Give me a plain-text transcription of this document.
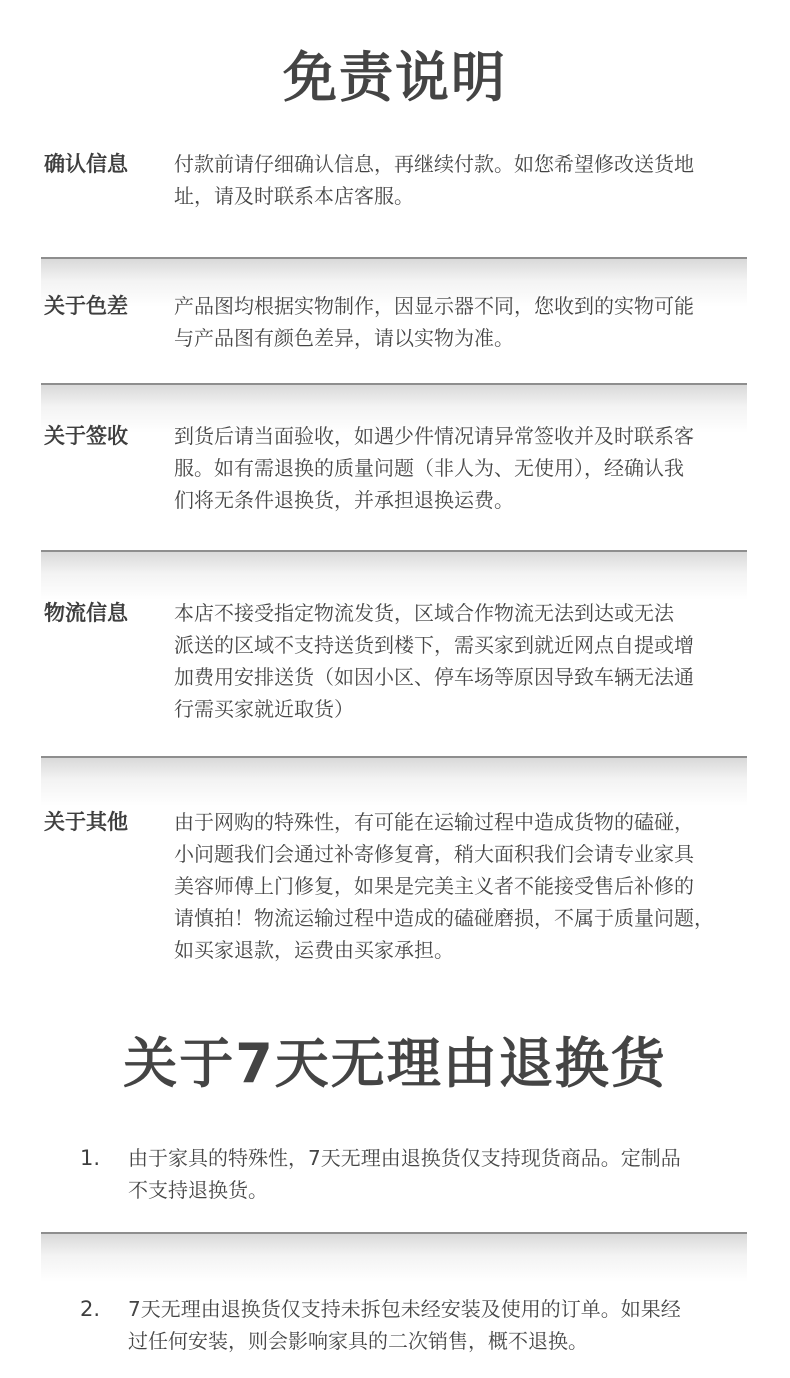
免责说明
确认信息 付款前请仔细确认信息，再继续付款。如您希望修改送货地
址，请及时联系本店客服。
关于色差 产品图均根据实物制作，因显示器不同，您收到的实物可能
与产品图有颜色差异，请以实物为准。
关于签收 到货后请当面验收，如遇少件情况请异常签收并及时联系客
服。如有需退换的质量问题（非人为、无使用），经确认我
们将无条件退换货，并承担退换运费。
物流信息 本店不接受指定物流发货，区域合作物流无法到达或无法
派送的区域不支持送货到楼下，需买家到就近网点自提或增
加费用安排送货（如因小区、停车场等原因导致车辆无法通
行需买家就近取货）
关于其他 由于网购的特殊性，有可能在运输过程中造成货物的磕碰，
小问题我们会通过补寄修复膏，稍大面积我们会请专业家具
美容师傅上门修复，如果是完美主义者不能接受售后补修的
请慎拍！物流运输过程中造成的磕碰磨损，不属于质量问题，
如买家退款，运费由买家承担。
关于7天无理由退换货
1. 由于家具的特殊性，7天无理由退换货仅支持现货商品。定制品
不支持退换货。
2. 7天无理由退换货仅支持未拆包未经安装及使用的订单。如果经
过任何安装，则会影响家具的二次销售，概不退换。
